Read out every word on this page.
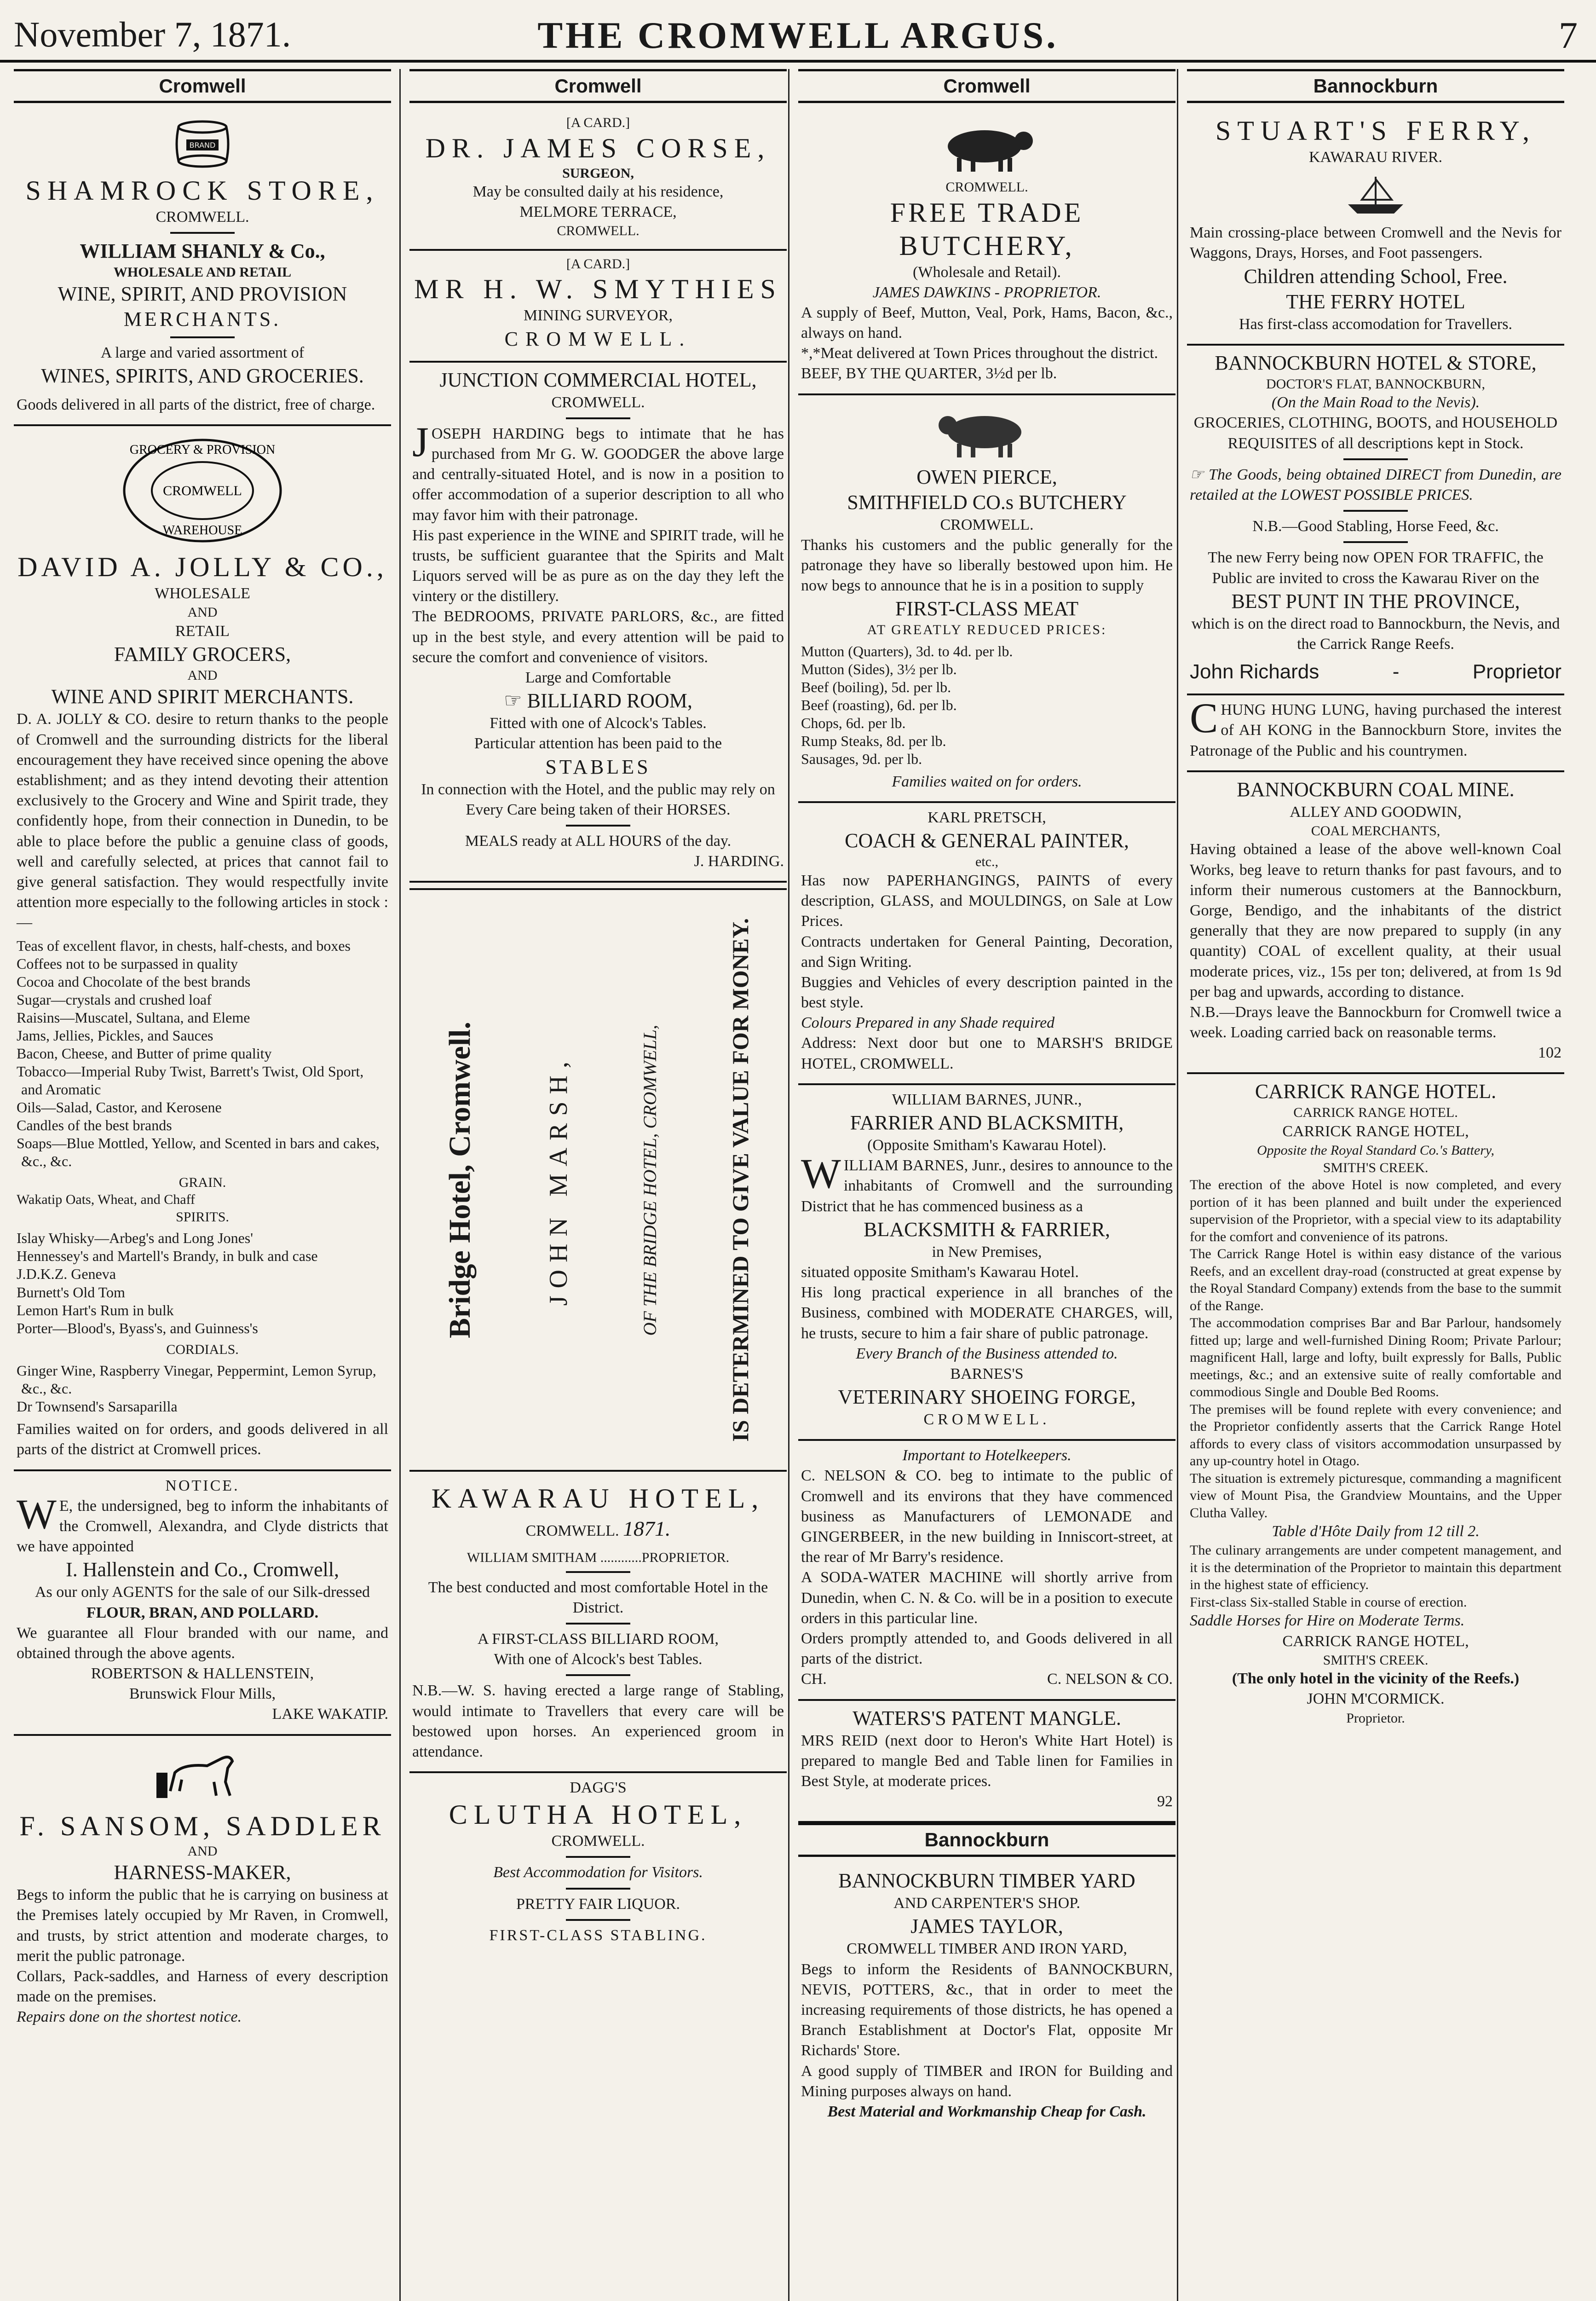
November 7, 1871.	THE CROMWELL ARGUS.	7
Cromwell
BRAND
SHAMROCK STORE,
CROMWELL.
WILLIAM SHANLY & Co.,
WHOLESALE AND RETAIL
WINE, SPIRIT, AND PROVISION
MERCHANTS.
A large and varied assortment of
WINES, SPIRITS, AND GROCERIES.
Goods delivered in all parts of the district, free of charge.
GROCERY & PROVISION
CROMWELL
WAREHOUSE
DAVID A. JOLLY & CO.,
WHOLESALE
AND
RETAIL
FAMILY GROCERS,
AND
WINE AND SPIRIT MERCHANTS.
D. A. JOLLY & CO. desire to return thanks to the people of Cromwell and the surrounding districts for the liberal encouragement they have received since opening the above establishment; and as they intend devoting their attention exclusively to the Grocery and Wine and Spirit trade, they confidently hope, from their connection in Dunedin, to be able to place before the public a genuine class of goods, well and carefully selected, at prices that cannot fail to give general satisfaction. They would respectfully invite attention more especially to the following articles in stock :—
Teas of excellent flavor, in chests, half-chests, and boxes
Coffees not to be surpassed in quality
Cocoa and Chocolate of the best brands
Sugar—crystals and crushed loaf
Raisins—Muscatel, Sultana, and Eleme
Jams, Jellies, Pickles, and Sauces
Bacon, Cheese, and Butter of prime quality
Tobacco—Imperial Ruby Twist, Barrett's Twist, Old Sport, and Aromatic
Oils—Salad, Castor, and Kerosene
Candles of the best brands
Soaps—Blue Mottled, Yellow, and Scented in bars and cakes, &c., &c.
GRAIN.
Wakatip Oats, Wheat, and Chaff
SPIRITS.
Islay Whisky—Arbeg's and Long Jones'
Hennessey's and Martell's Brandy, in bulk and case
J.D.K.Z. Geneva
Burnett's Old Tom
Lemon Hart's Rum in bulk
Porter—Blood's, Byass's, and Guinness's
CORDIALS.
Ginger Wine, Raspberry Vinegar, Peppermint, Lemon Syrup, &c., &c.
Dr Townsend's Sarsaparilla
Families waited on for orders, and goods delivered in all parts of the district at Cromwell prices.
NOTICE.
WE, the undersigned, beg to inform the inhabitants of the Cromwell, Alexandra, and Clyde districts that we have appointed
I. Hallenstein and Co., Cromwell,
As our only AGENTS for the sale of our Silk-dressed
FLOUR, BRAN, AND POLLARD.
We guarantee all Flour branded with our name, and obtained through the above agents.
ROBERTSON & HALLENSTEIN,
Brunswick Flour Mills,
LAKE WAKATIP.
F. SANSOM, SADDLER
AND
HARNESS-MAKER,
Begs to inform the public that he is carrying on business at the Premises lately occupied by Mr Raven, in Cromwell, and trusts, by strict attention and moderate charges, to merit the public patronage.
Collars, Pack-saddles, and Harness of every description made on the premises.
Repairs done on the shortest notice.
Cromwell
[A CARD.]
DR. JAMES CORSE,
SURGEON,
May be consulted daily at his residence,
MELMORE TERRACE,
CROMWELL.
[A CARD.]
MR H. W. SMYTHIES
MINING SURVEYOR,
CROMWELL.
JUNCTION COMMERCIAL HOTEL,
CROMWELL.
JOSEPH HARDING begs to intimate that he has purchased from Mr G. W. GOODGER the above large and centrally-situated Hotel, and is now in a position to offer accommodation of a superior description to all who may favor him with their patronage.
His past experience in the WINE and SPIRIT trade, will he trusts, be sufficient guarantee that the Spirits and Malt Liquors served will be as pure as on the day they left the vintery or the distillery.
The BEDROOMS, PRIVATE PARLORS, &c., are fitted up in the best style, and every attention will be paid to secure the comfort and convenience of visitors.
Large and Comfortable
☞ BILLIARD ROOM,
Fitted with one of Alcock's Tables.
Particular attention has been paid to the
STABLES
In connection with the Hotel, and the public may rely on
Every Care being taken of their HORSES.
MEALS ready at ALL HOURS of the day.
J. HARDING.
Bridge Hotel, Cromwell.	JOHN MARSH,	OF THE BRIDGE HOTEL, CROMWELL,	IS DETERMINED TO GIVE VALUE FOR MONEY.
KAWARAU HOTEL,
CROMWELL. 1871.
WILLIAM SMITHAM ............PROPRIETOR.
The best conducted and most comfortable Hotel in the District.
A FIRST-CLASS BILLIARD ROOM,
With one of Alcock's best Tables.
N.B.—W. S. having erected a large range of Stabling, would intimate to Travellers that every care will be bestowed upon horses. An experienced groom in attendance.
DAGG'S
CLUTHA HOTEL,
CROMWELL.
Best Accommodation for Visitors.
PRETTY FAIR LIQUOR.
FIRST-CLASS STABLING.
Cromwell
CROMWELL.
FREE TRADE BUTCHERY,
(Wholesale and Retail).
JAMES DAWKINS - PROPRIETOR.
A supply of Beef, Mutton, Veal, Pork, Hams, Bacon, &c., always on hand.
*,*Meat delivered at Town Prices throughout the district.
BEEF, BY THE QUARTER, 3½d per lb.
OWEN PIERCE,
SMITHFIELD CO.s BUTCHERY
CROMWELL.
Thanks his customers and the public generally for the patronage they have so liberally bestowed upon him. He now begs to announce that he is in a position to supply
FIRST-CLASS MEAT
AT GREATLY REDUCED PRICES:
Mutton (Quarters), 3d. to 4d. per lb.
Mutton (Sides), 3½ per lb.
Beef (boiling), 5d. per lb.
Beef (roasting), 6d. per lb.
Chops, 6d. per lb.
Rump Steaks, 8d. per lb.
Sausages, 9d. per lb.
Families waited on for orders.
KARL PRETSCH,
COACH & GENERAL PAINTER,
etc.,
Has now PAPERHANGINGS, PAINTS of every description, GLASS, and MOULDINGS, on Sale at Low Prices.
Contracts undertaken for General Painting, Decoration, and Sign Writing.
Buggies and Vehicles of every description painted in the best style.
Colours Prepared in any Shade required
Address: Next door but one to MARSH'S BRIDGE HOTEL, CROMWELL.
WILLIAM BARNES, JUNR.,
FARRIER AND BLACKSMITH,
(Opposite Smitham's Kawarau Hotel).
WILLIAM BARNES, Junr., desires to announce to the inhabitants of Cromwell and the surrounding District that he has commenced business as a
BLACKSMITH & FARRIER,
in New Premises,
situated opposite Smitham's Kawarau Hotel.
His long practical experience in all branches of the Business, combined with MODERATE CHARGES, will, he trusts, secure to him a fair share of public patronage.
Every Branch of the Business attended to.
BARNES'S
VETERINARY SHOEING FORGE,
CROMWELL.
Important to Hotelkeepers.
C. NELSON & CO. beg to intimate to the public of Cromwell and its environs that they have commenced business as Manufacturers of LEMONADE and GINGERBEER, in the new building in Inniscort-street, at the rear of Mr Barry's residence.
A SODA-WATER MACHINE will shortly arrive from Dunedin, when C. N. & Co. will be in a position to execute orders in this particular line.
Orders promptly attended to, and Goods delivered in all parts of the district.
CH.	C. NELSON & CO.
WATERS'S PATENT MANGLE.
MRS REID (next door to Heron's White Hart Hotel) is prepared to mangle Bed and Table linen for Families in Best Style, at moderate prices.
92
Bannockburn
BANNOCKBURN TIMBER YARD
AND CARPENTER'S SHOP.
JAMES TAYLOR,
CROMWELL TIMBER AND IRON YARD,
Begs to inform the Residents of BANNOCKBURN, NEVIS, POTTERS, &c., that in order to meet the increasing requirements of those districts, he has opened a Branch Establishment at Doctor's Flat, opposite Mr Richards' Store.
A good supply of TIMBER and IRON for Building and Mining purposes always on hand.
Best Material and Workmanship Cheap for Cash.
Bannockburn
STUART'S FERRY,
KAWARAU RIVER.
Main crossing-place between Cromwell and the Nevis for Waggons, Drays, Horses, and Foot passengers.
Children attending School, Free.
THE FERRY HOTEL
Has first-class accomodation for Travellers.
BANNOCKBURN HOTEL & STORE,
DOCTOR'S FLAT, BANNOCKBURN,
(On the Main Road to the Nevis).
GROCERIES, CLOTHING, BOOTS, and HOUSEHOLD REQUISITES of all descriptions kept in Stock.
☞ The Goods, being obtained DIRECT from Dunedin, are retailed at the LOWEST POSSIBLE PRICES.
N.B.—Good Stabling, Horse Feed, &c.
The new Ferry being now OPEN FOR TRAFFIC, the Public are invited to cross the Kawarau River on the
BEST PUNT IN THE PROVINCE,
which is on the direct road to Bannockburn, the Nevis, and the Carrick Range Reefs.
John Richards	-	Proprietor
CHUNG HUNG LUNG, having purchased the interest of AH KONG in the Bannockburn Store, invites the Patronage of the Public and his countrymen.
BANNOCKBURN COAL MINE.
ALLEY AND GOODWIN,
COAL MERCHANTS,
Having obtained a lease of the above well-known Coal Works, beg leave to return thanks for past favours, and to inform their numerous customers at the Bannockburn, Gorge, Bendigo, and the inhabitants of the district generally that they are now prepared to supply (in any quantity) COAL of excellent quality, at their usual moderate prices, viz., 15s per ton; delivered, at from 1s 9d per bag and upwards, according to distance.
N.B.—Drays leave the Bannockburn for Cromwell twice a week. Loading carried back on reasonable terms.
102
CARRICK RANGE HOTEL.
CARRICK RANGE HOTEL.
CARRICK RANGE HOTEL,
Opposite the Royal Standard Co.'s Battery,
SMITH'S CREEK.
The erection of the above Hotel is now completed, and every portion of it has been planned and built under the experienced supervision of the Proprietor, with a special view to its adaptability for the comfort and convenience of its patrons.
The Carrick Range Hotel is within easy distance of the various Reefs, and an excellent dray-road (constructed at great expense by the Royal Standard Company) extends from the base to the summit of the Range.
The accommodation comprises Bar and Bar Parlour, handsomely fitted up; large and well-furnished Dining Room; Private Parlour; magnificent Hall, large and lofty, built expressly for Balls, Public meetings, &c.; and an extensive suite of really comfortable and commodious Single and Double Bed Rooms.
The premises will be found replete with every convenience; and the Proprietor confidently asserts that the Carrick Range Hotel affords to every class of visitors accommodation unsurpassed by any up-country hotel in Otago.
The situation is extremely picturesque, commanding a magnificent view of Mount Pisa, the Grandview Mountains, and the Upper Clutha Valley.
Table d'Hôte Daily from 12 till 2.
The culinary arrangements are under competent management, and it is the determination of the Proprietor to maintain this department in the highest state of efficiency.
First-class Six-stalled Stable in course of erection.
Saddle Horses for Hire on Moderate Terms.
CARRICK RANGE HOTEL,
SMITH'S CREEK.
(The only hotel in the vicinity of the Reefs.)
JOHN M'CORMICK.
Proprietor.
